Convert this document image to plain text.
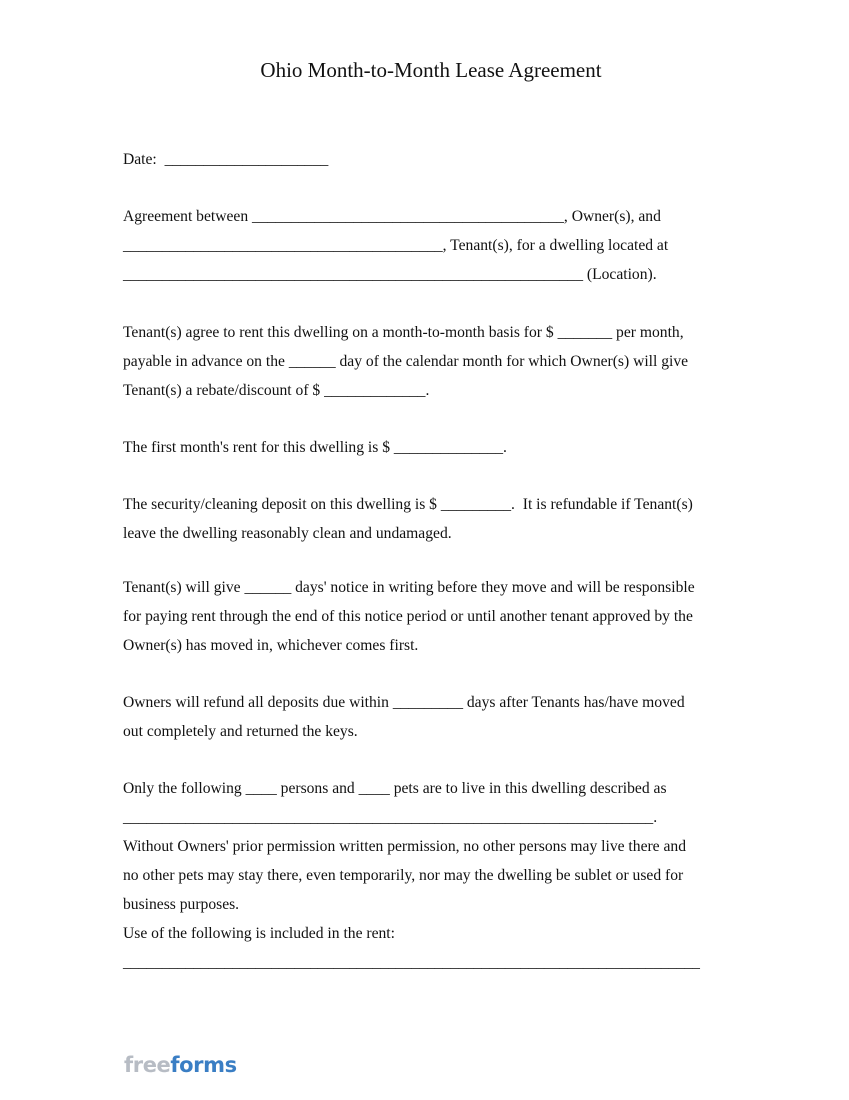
Ohio Month-to-Month Lease Agreement
Date:  _____________________
Agreement between ________________________________________, Owner(s), and
_________________________________________, Tenant(s), for a dwelling located at
___________________________________________________________ (Location).
Tenant(s) agree to rent this dwelling on a month-to-month basis for $ _______ per month,
payable in advance on the ______ day of the calendar month for which Owner(s) will give
Tenant(s) a rebate/discount of $ _____________.
The first month's rent for this dwelling is $ ______________.
The security/cleaning deposit on this dwelling is $ _________.  It is refundable if Tenant(s)
leave the dwelling reasonably clean and undamaged.
Tenant(s) will give ______ days' notice in writing before they move and will be responsible
for paying rent through the end of this notice period or until another tenant approved by the
Owner(s) has moved in, whichever comes first.
Owners will refund all deposits due within _________ days after Tenants has/have moved
out completely and returned the keys.
Only the following ____ persons and ____ pets are to live in this dwelling described as
____________________________________________________________________.
Without Owners' prior permission written permission, no other persons may live there and
no other pets may stay there, even temporarily, nor may the dwelling be sublet or used for
business purposes.
Use of the following is included in the rent:
__________________________________________________________________________
freeforms
